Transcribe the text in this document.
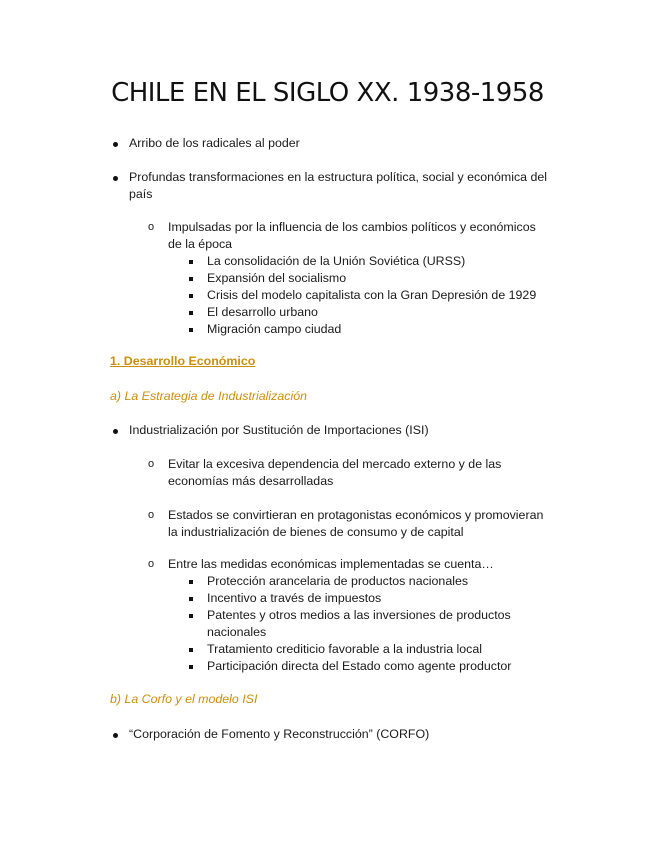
CHILE EN EL SIGLO XX. 1938-1958
Arribo de los radicales al poder
Profundas transformaciones en la estructura política, social y económica del
país
o Impulsadas por la influencia de los cambios políticos y económicos
de la época
La consolidación de la Unión Soviética (URSS)
Expansión del socialismo
Crisis del modelo capitalista con la Gran Depresión de 1929
El desarrollo urbano
Migración campo ciudad
1. Desarrollo Económico
a) La Estrategia de Industrialización
Industrialización por Sustitución de Importaciones (ISI)
o Evitar la excesiva dependencia del mercado externo y de las
economías más desarrolladas
o Estados se convirtieran en protagonistas económicos y promovieran
la industrialización de bienes de consumo y de capital
o Entre las medidas económicas implementadas se cuenta…
Protección arancelaria de productos nacionales
Incentivo a través de impuestos
Patentes y otros medios a las inversiones de productos
nacionales
Tratamiento crediticio favorable a la industria local
Participación directa del Estado como agente productor
b) La Corfo y el modelo ISI
“Corporación de Fomento y Reconstrucción” (CORFO)
